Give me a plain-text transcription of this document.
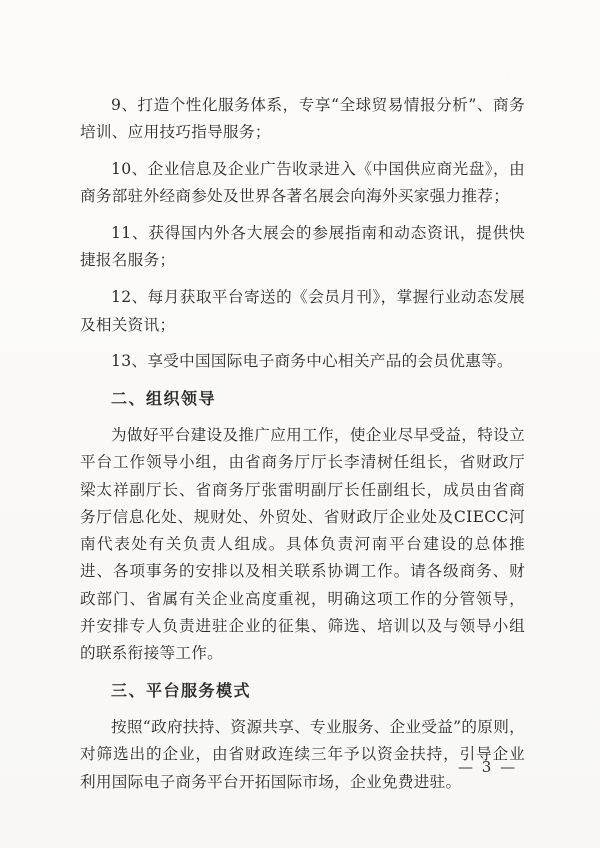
9、打造个性化服务体系，专享“全球贸易情报分析”、商务培训、应用技巧指导服务；

10、企业信息及企业广告收录进入《中国供应商光盘》，由商务部驻外经商参处及世界各著名展会向海外买家强力推荐；

11、获得国内外各大展会的参展指南和动态资讯，提供快捷报名服务；

12、每月获取平台寄送的《会员月刊》，掌握行业动态发展及相关资讯；

13、享受中国国际电子商务中心相关产品的会员优惠等。

二、组织领导

为做好平台建设及推广应用工作，使企业尽早受益，特设立平台工作领导小组，由省商务厅厅长李清树任组长，省财政厅梁太祥副厅长、省商务厅张雷明副厅长任副组长，成员由省商务厅信息化处、规财处、外贸处、省财政厅企业处及CIECC河南代表处有关负责人组成。具体负责河南平台建设的总体推进、各项事务的安排以及相关联系协调工作。请各级商务、财政部门、省属有关企业高度重视，明确这项工作的分管领导，并安排专人负责进驻企业的征集、筛选、培训以及与领导小组的联系衔接等工作。

三、平台服务模式

按照“政府扶持、资源共享、专业服务、企业受益”的原则，对筛选出的企业，由省财政连续三年予以资金扶持，引导企业利用国际电子商务平台开拓国际市场，企业免费进驻。

— 3 —
